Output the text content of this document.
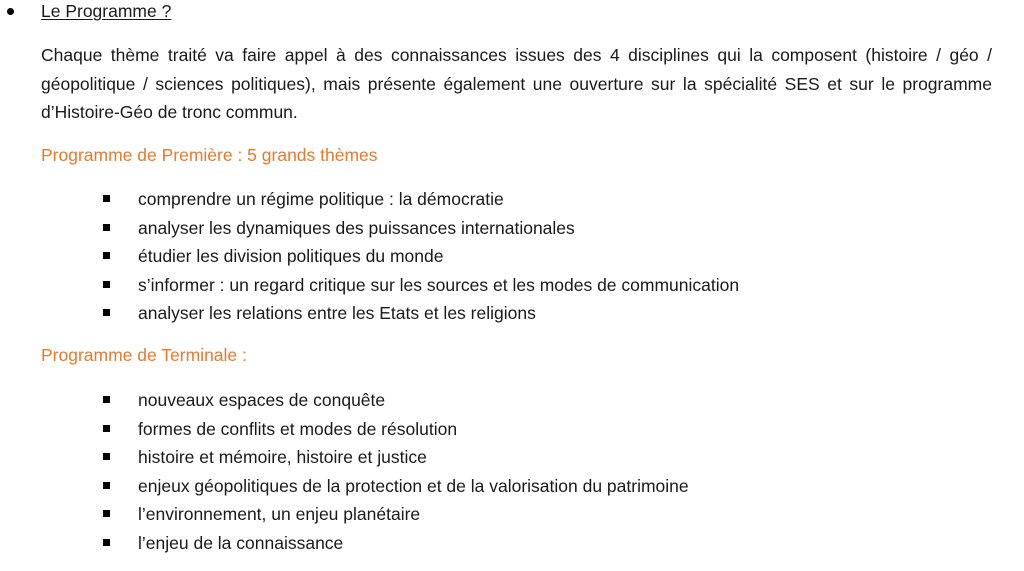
Le Programme ?

Chaque thème traité va faire appel à des connaissances issues des 4 disciplines qui la composent (histoire / géo / géopolitique / sciences politiques), mais présente également une ouverture sur la spécialité SES et sur le programme d’Histoire-Géo de tronc commun.

Programme de Première : 5 grands thèmes

comprendre un régime politique : la démocratie
analyser les dynamiques des puissances internationales
étudier les division politiques du monde
s’informer : un regard critique sur les sources et les modes de communication
analyser les relations entre les Etats et les religions

Programme de Terminale :

nouveaux espaces de conquête
formes de conflits et modes de résolution
histoire et mémoire, histoire et justice
enjeux géopolitiques de la protection et de la valorisation du patrimoine
l’environnement, un enjeu planétaire
l’enjeu de la connaissance
